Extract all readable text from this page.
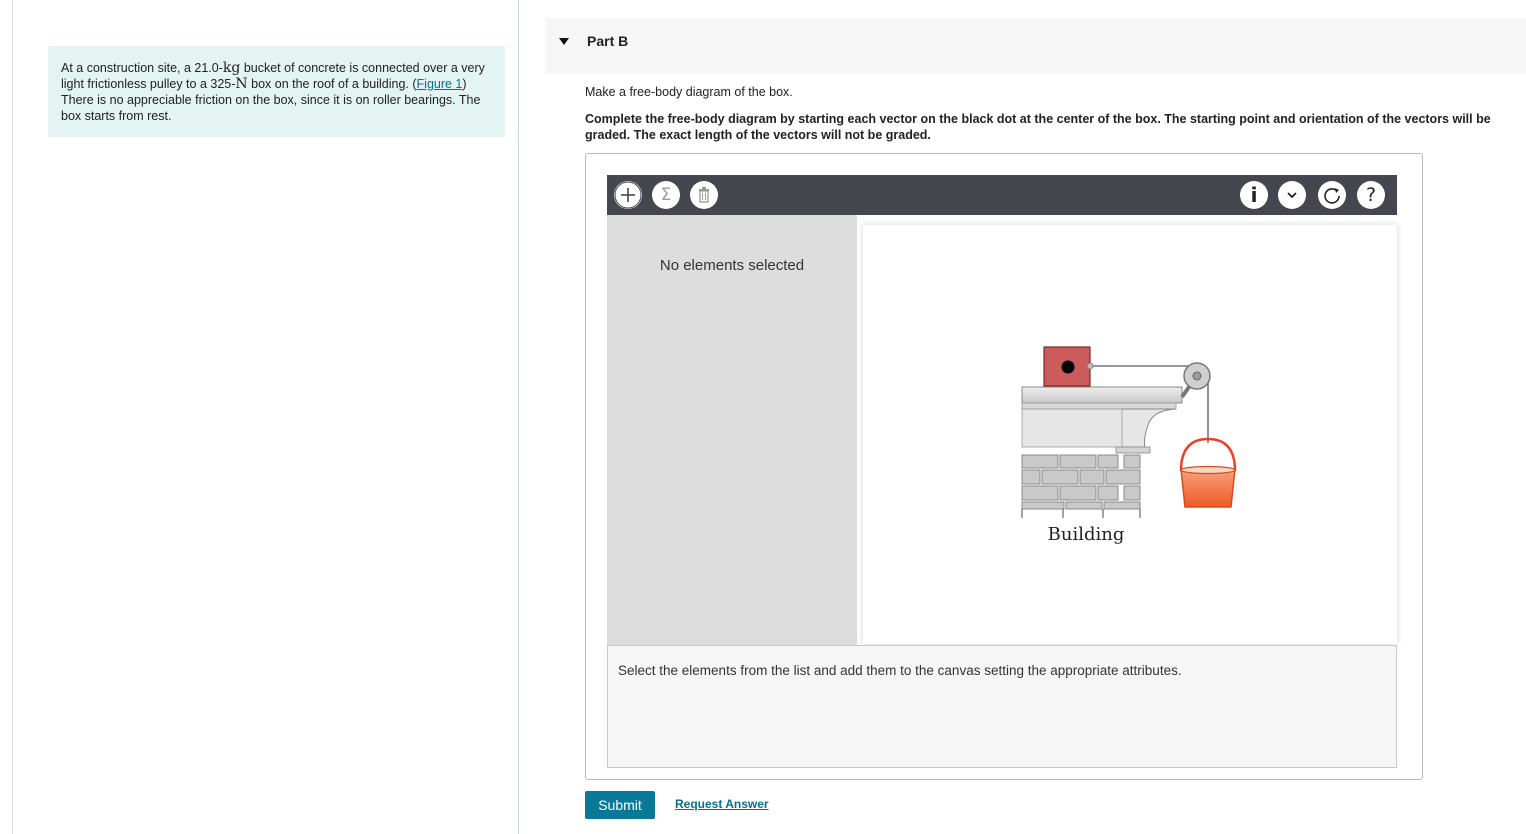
At a construction site, a 21.0-kg bucket of concrete is connected over a very light frictionless pulley to a 325-N box on the roof of a building. (Figure 1) There is no appreciable friction on the box, since it is on roller bearings. The box starts from rest.
Part B
Make a free-body diagram of the box.
Complete the free-body diagram by starting each vector on the black dot at the center of the box. The starting point and orientation of the vectors will be graded. The exact length of the vectors will not be graded.
Σ	i	?
No elements selected
Building
Select the elements from the list and add them to the canvas setting the appropriate attributes.
Submit	Request Answer
